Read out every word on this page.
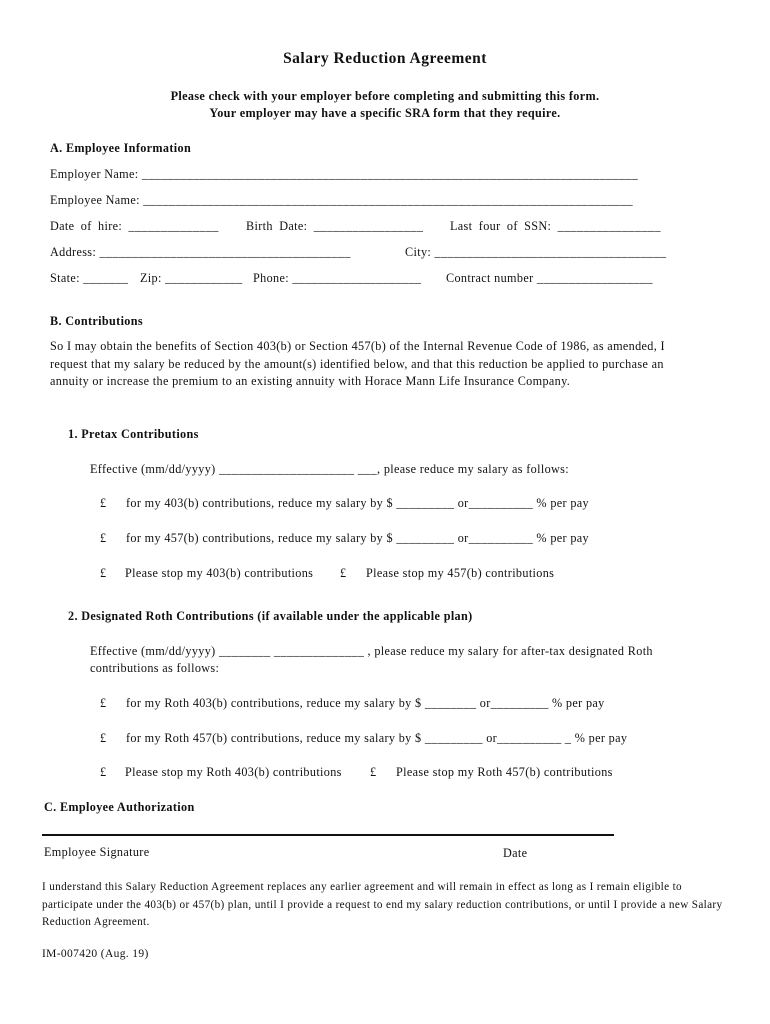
Salary Reduction Agreement
Please check with your employer before completing and submitting this form.
Your employer may have a specific SRA form that they require.
A. Employee Information
Employer Name: _____________________________________________________________________________
Employee Name: ____________________________________________________________________________
Date of hire: ______________ Birth Date: _________________ Last four of SSN: ________________
Address: _______________________________________	City: ____________________________________
State: _______ Zip: ____________ Phone: ____________________ Contract number __________________
B. Contributions
So I may obtain the benefits of Section 403(b) or Section 457(b) of the Internal Revenue Code of 1986, as amended, I request that my salary be reduced by the amount(s) identified below, and that this reduction be applied to purchase an annuity or increase the premium to an existing annuity with Horace Mann Life Insurance Company.
1. Pretax Contributions
Effective (mm/dd/yyyy) _____________________ ___, please reduce my salary as follows:
£ for my 403(b) contributions, reduce my salary by $ _________ or__________ % per pay
£ for my 457(b) contributions, reduce my salary by $ _________ or__________ % per pay
£ Please stop my 403(b) contributions £ Please stop my 457(b) contributions
2. Designated Roth Contributions (if available under the applicable plan)
Effective (mm/dd/yyyy) ________ ______________ , please reduce my salary for after-tax designated Roth
contributions as follows:
£ for my Roth 403(b) contributions, reduce my salary by $ ________ or_________ % per pay
£ for my Roth 457(b) contributions, reduce my salary by $ _________ or__________ _ % per pay
£ Please stop my Roth 403(b) contributions £ Please stop my Roth 457(b) contributions
C. Employee Authorization
Employee Signature	Date
I understand this Salary Reduction Agreement replaces any earlier agreement and will remain in effect as long as I remain eligible to participate under the 403(b) or 457(b) plan, until I provide a request to end my salary reduction contributions, or until I provide a new Salary Reduction Agreement.
IM-007420 (Aug. 19)
